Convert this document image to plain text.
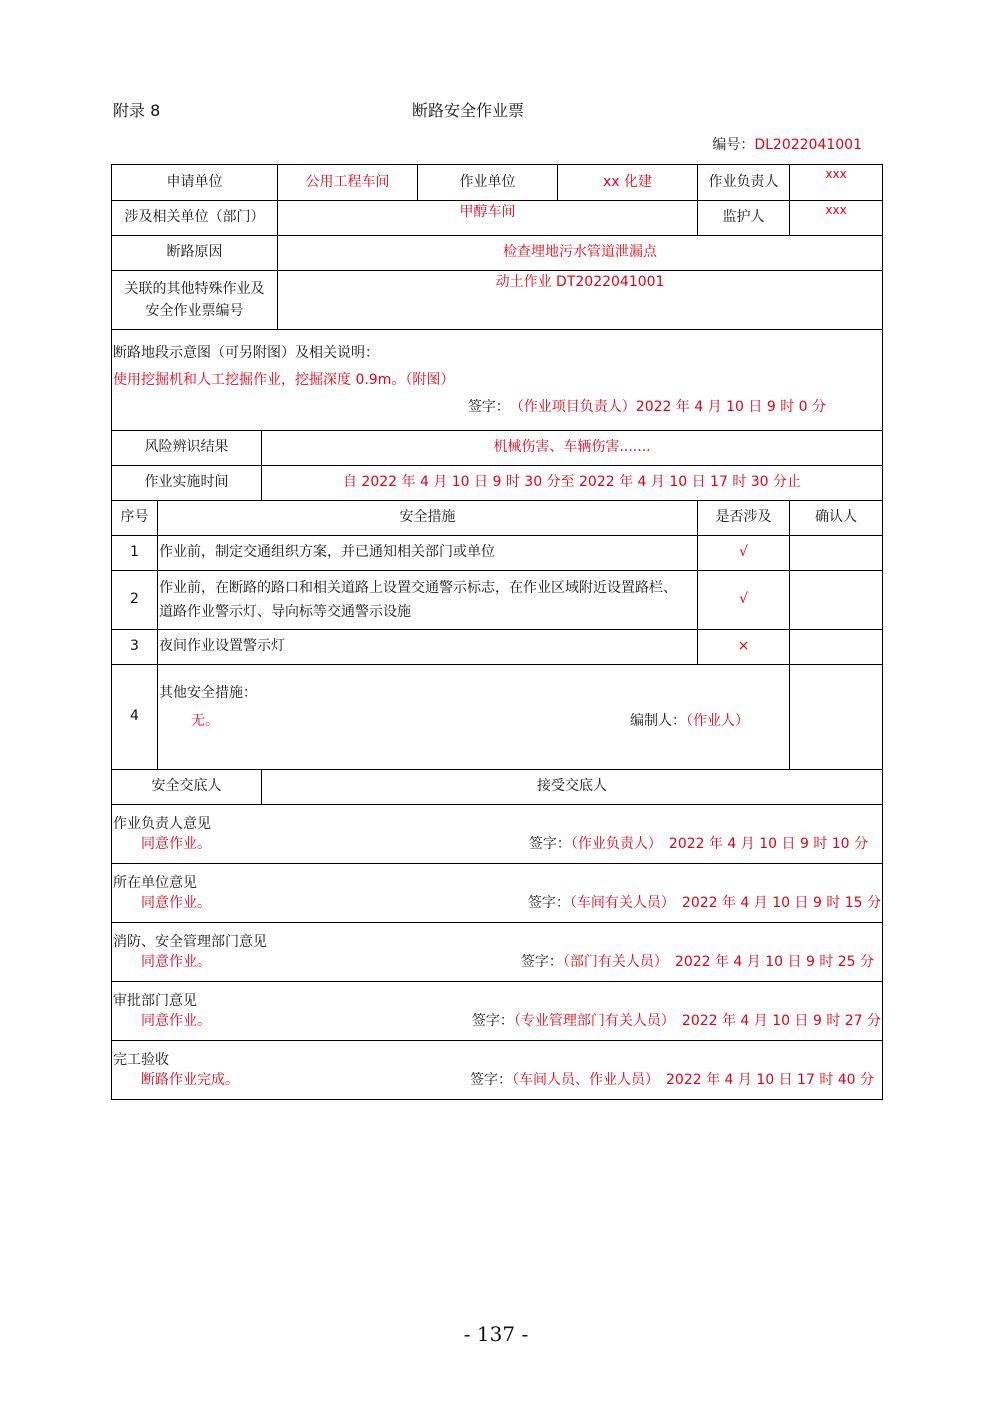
附录 8	断路安全作业票
编号：DL2022041001
申请单位			公用工程车间	作业单位	xx 化建	作业负责人	xxx
涉及相关单位（部门）			甲醇车间			监护人	xxx
断路原因			检查埋地污水管道泄漏点				

关联的其他特殊作业及
安全作业票编号			动土作业 DT2022041001				

断路地段示意图（可另附图）及相关说明：
使用挖掘机和人工挖掘作业，挖掘深度 0.9m。（附图）
签字： （作业项目负责人）2022 年 4 月 10 日 9 时 0 分							

风险辨识结果		机械伤害、车辆伤害.......					
作业实施时间		自 2022 年 4 月 10 日 9 时 30 分至 2022 年 4 月 10 日 17 时 30 分止					
序号	安全措施					是否涉及	确认人
1	作业前，制定交通组织方案，并已通知相关部门或单位					√	
2	作业前，在断路的路口和相关道路上设置交通警示标志，在作业区域附近设置路栏、道路作业警示灯、导向标等交通警示设施					√	
3	夜间作业设置警示灯					×	
4	其他安全措施：
无。 编制人：（作业人）						

安全交底人		接受交底人					

作业负责人意见
同意作业。 签字：（作业负责人）　2022 年 4 月 10 日 9 时 10 分							

所在单位意见
同意作业。 签字：（车间有关人员）　2022 年 4 月 10 日 9 时 15 分							

消防、安全管理部门意见
同意作业。 签字：（部门有关人员）　2022 年 4 月 10 日 9 时 25 分							

审批部门意见
同意作业。 签字：（专业管理部门有关人员）　2022 年 4 月 10 日 9 时 27 分							

完工验收
断路作业完成。 签字：（车间人员、作业人员）　2022 年 4 月 10 日 17 时 40 分							
- 137 -
